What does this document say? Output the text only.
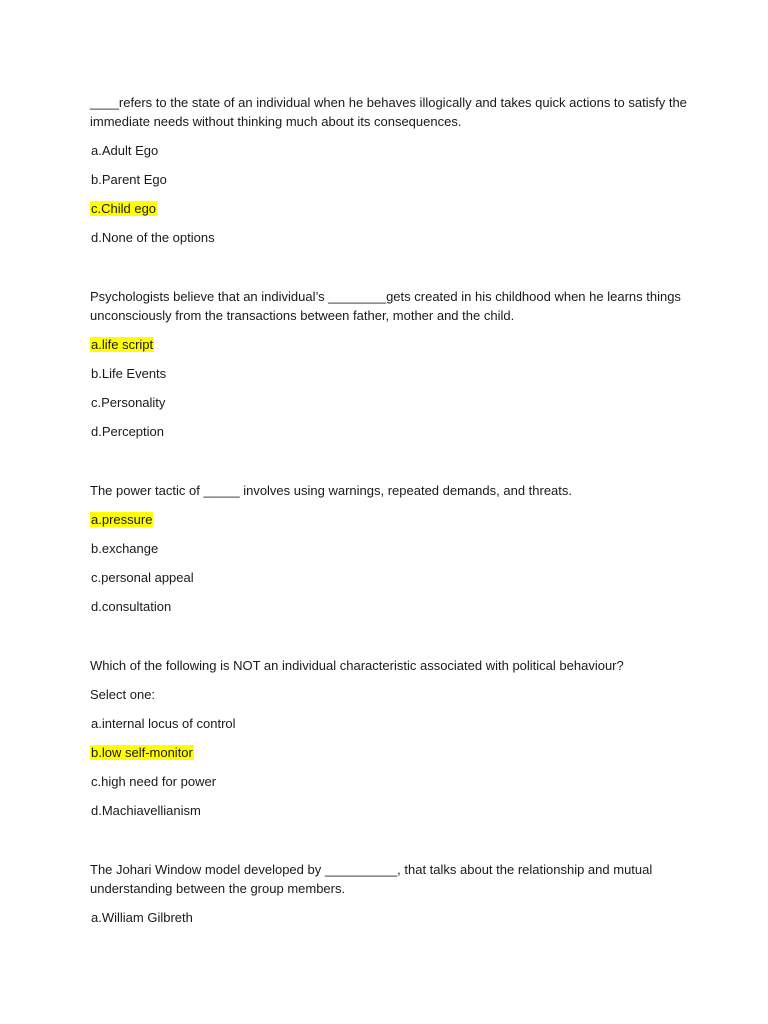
____refers to the state of an individual when he behaves illogically and takes quick actions to satisfy the immediate needs without thinking much about its consequences.
a.Adult Ego
b.Parent Ego
c.Child ego
d.None of the options
Psychologists believe that an individual’s ________gets created in his childhood when he learns things unconsciously from the transactions between father, mother and the child.
a.life script
b.Life Events
c.Personality
d.Perception
The power tactic of _____ involves using warnings, repeated demands, and threats.
a.pressure
b.exchange
c.personal appeal
d.consultation
Which of the following is NOT an individual characteristic associated with political behaviour?
Select one:
a.internal locus of control
b.low self-monitor
c.high need for power
d.Machiavellianism
The Johari Window model developed by __________, that talks about the relationship and mutual understanding between the group members.
a.William Gilbreth
